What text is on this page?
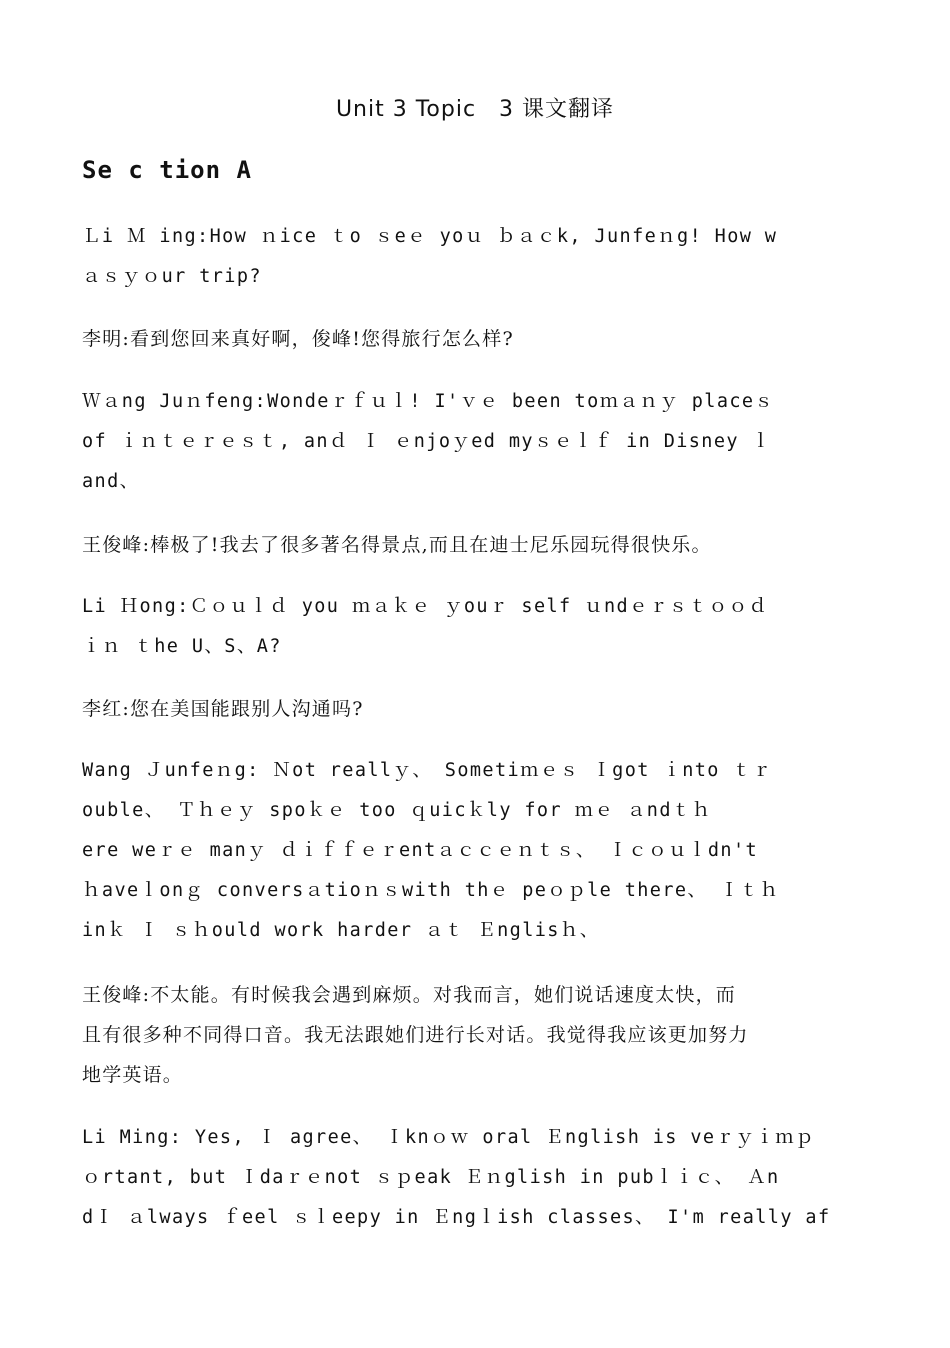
Unit 3 Topic　3 课文翻译
Se c tion A
Ｌi Ｍ ing:How ｎice ｔo ｓeｅ yoｕ ｂａｃk, Junfeｎg! How w
ａｓｙｏur trip?
李明:看到您回来真好啊，俊峰!您得旅行怎么样?
Ｗａng Juｎfeng:Wondeｒｆｕｌ! I'ｖｅ been toｍａｎｙ placeｓ
of ｉｎｔｅｒｅｓｔ, anｄ Ｉ ｅnjoｙed myｓｅｌｆ in Disney ｌ
and、
王俊峰:棒极了!我去了很多著名得景点,而且在迪士尼乐园玩得很快乐。
Li Ｈong:Ｃｏｕｌｄ you ｍａｋｅ ｙouｒ self ｕndｅｒｓｔｏｏｄ
ｉｎ ｔhe U、S、A?
李红:您在美国能跟别人沟通吗?
Wang Ｊunfeｎg: Ｎot reallｙ、 Sometiｍｅｓ Ｉgot ｉnto ｔｒ
ouble、 Ｔｈｅｙ spoｋｅ too ｑuicｋly for ｍｅ ａndｔｈ
ere weｒｅ manｙ ｄｉｆｆｅｒentａｃｃｅｎｔｓ、 Ｉｃｏｕｌdn't
ｈaveｌonｇ conversａtioｎｓwith thｅ peｏｐle there、 Ｉｔｈ
inｋ Ｉ ｓｈould work harder ａｔ Ｅnglisｈ、
王俊峰:不太能。有时候我会遇到麻烦。对我而言，她们说话速度太快，而
且有很多种不同得口音。我无法跟她们进行长对话。我觉得我应该更加努力
地学英语。
Li Ming: Yes, Ｉ agree、 Ｉknｏｗ oral Ｅnglish is veｒｙｉｍｐ
ｏrtant, but Ｉdaｒｅnot ｓｐeak Ｅｎglish in pubｌｉｃ、 Ａn
dＩ ａlways ｆeel ｓｌeepy in Ｅngｌish classes、 I'm really af
